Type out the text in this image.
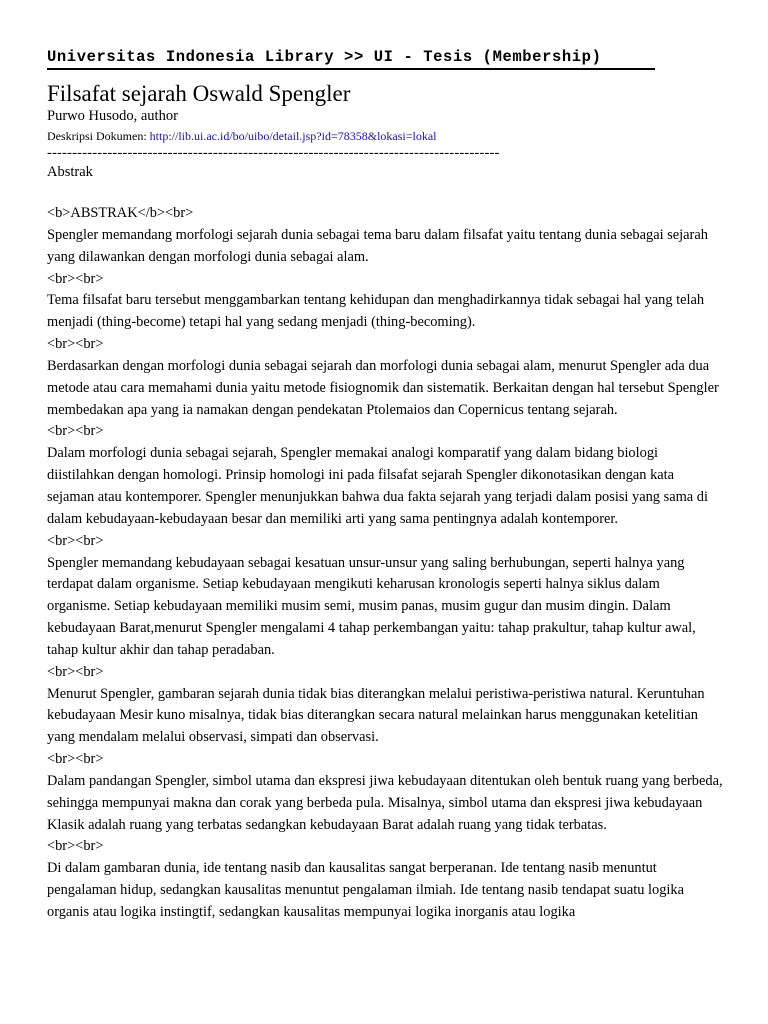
Universitas Indonesia Library >> UI - Tesis (Membership)
Filsafat sejarah Oswald Spengler
Purwo Husodo, author
Deskripsi Dokumen: http://lib.ui.ac.id/bo/uibo/detail.jsp?id=78358&lokasi=lokal
------------------------------------------------------------------------------------------
Abstrak

<b>ABSTRAK</b><br>

Spengler memandang morfologi sejarah dunia sebagai tema baru dalam filsafat yaitu tentang dunia sebagai sejarah yang dilawankan dengan morfologi dunia sebagai alam.

<br><br>

Tema filsafat baru tersebut menggambarkan tentang kehidupan dan menghadirkannya tidak sebagai hal yang telah menjadi (thing-become) tetapi hal yang sedang menjadi (thing-becoming).

<br><br>

Berdasarkan dengan morfologi dunia sebagai sejarah dan morfologi dunia sebagai alam, menurut Spengler ada dua metode atau cara memahami dunia yaitu metode fisiognomik dan sistematik. Berkaitan dengan hal tersebut Spengler membedakan apa yang ia namakan dengan pendekatan Ptolemaios dan Copernicus tentang sejarah.

<br><br>

Dalam morfologi dunia sebagai sejarah, Spengler memakai analogi komparatif yang dalam bidang biologi diistilahkan dengan homologi. Prinsip homologi ini pada filsafat sejarah Spengler dikonotasikan dengan kata sejaman atau kontemporer. Spengler menunjukkan bahwa dua fakta sejarah yang terjadi dalam posisi yang sama di dalam kebudayaan-kebudayaan besar dan memiliki arti yang sama pentingnya adalah kontemporer.

<br><br>

Spengler memandang kebudayaan sebagai kesatuan unsur-unsur yang saling berhubungan, seperti halnya yang terdapat dalam organisme. Setiap kebudayaan mengikuti keharusan kronologis seperti halnya siklus dalam organisme. Setiap kebudayaan memiliki musim semi, musim panas, musim gugur dan musim dingin. Dalam kebudayaan Barat,menurut Spengler mengalami 4 tahap perkembangan yaitu: tahap prakultur, tahap kultur awal, tahap kultur akhir dan tahap peradaban.

<br><br>

Menurut Spengler, gambaran sejarah dunia tidak bias diterangkan melalui peristiwa-peristiwa natural. Keruntuhan kebudayaan Mesir kuno misalnya, tidak bias diterangkan secara natural melainkan harus menggunakan ketelitian yang mendalam melalui observasi, simpati dan observasi.

<br><br>

Dalam pandangan Spengler, simbol utama dan ekspresi jiwa kebudayaan ditentukan oleh bentuk ruang yang berbeda, sehingga mempunyai makna dan corak yang berbeda pula. Misalnya, simbol utama dan ekspresi jiwa kebudayaan Klasik adalah ruang yang terbatas sedangkan kebudayaan Barat adalah ruang yang tidak terbatas.

<br><br>

Di dalam gambaran dunia, ide tentang nasib dan kausalitas sangat berperanan. Ide tentang nasib menuntut pengalaman hidup, sedangkan kausalitas menuntut pengalaman ilmiah. Ide tentang nasib tendapat suatu logika organis atau logika instingtif, sedangkan kausalitas mempunyai logika inorganis atau logika
